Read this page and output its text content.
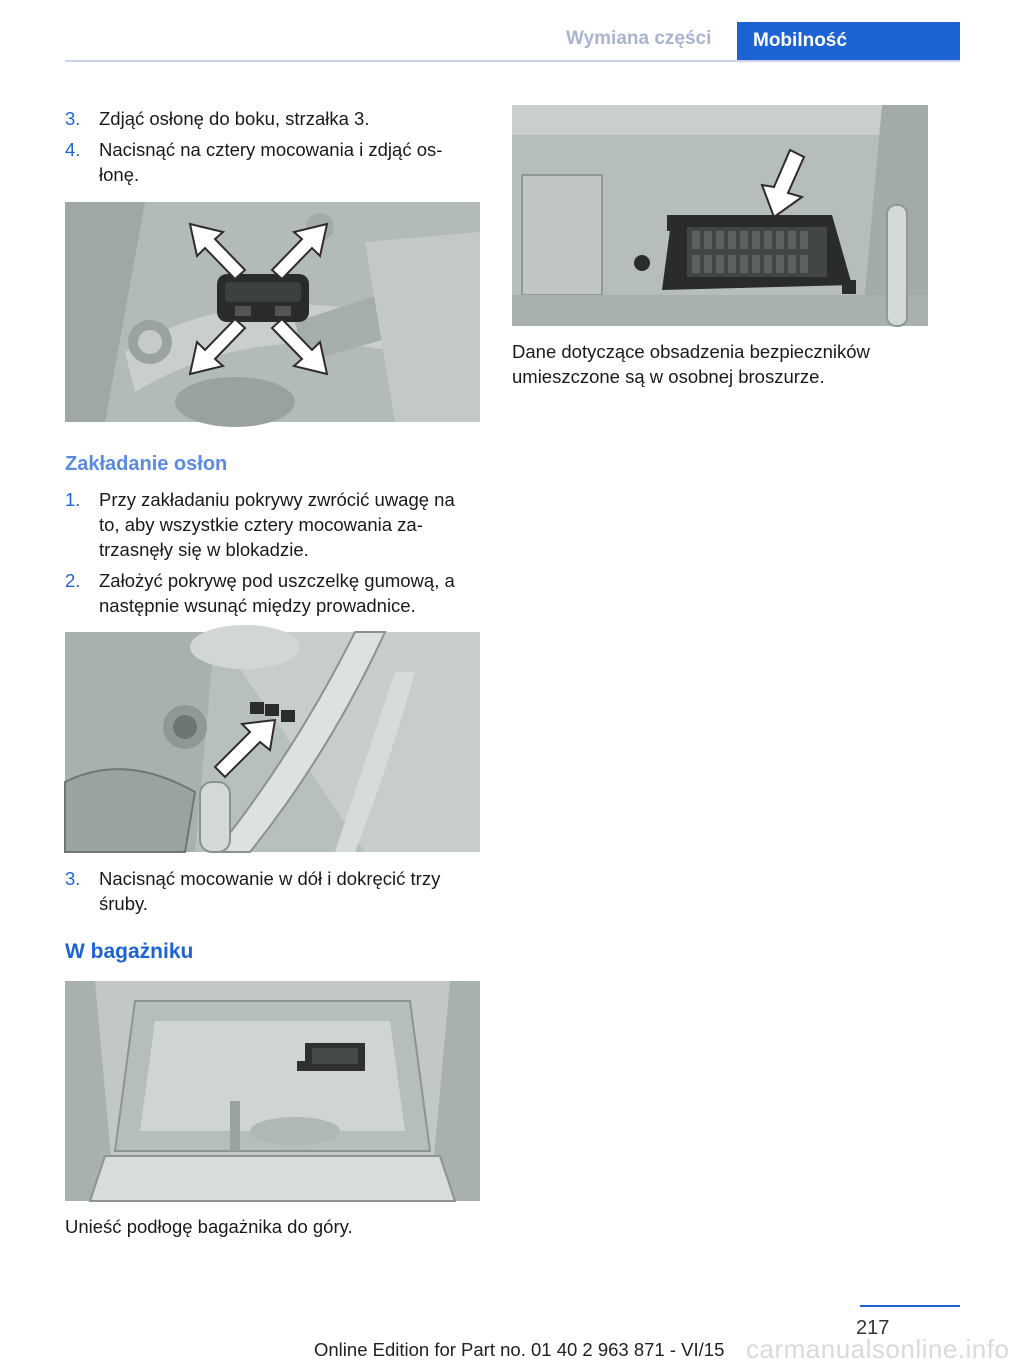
Wymiana części	Mobilność
3. Zdjąć osłonę do boku, strzałka 3.
4. Nacisnąć na cztery mocowania i zdjąć osłonę.
Zakładanie osłon
1. Przy zakładaniu pokrywy zwrócić uwagę na to, aby wszystkie cztery mocowania zatrzasnęły się w blokadzie.
2. Założyć pokrywę pod uszczelkę gumową, a następnie wsunąć między prowadnice.
3. Nacisnąć mocowanie w dół i dokręcić trzy śruby.
W bagażniku
Unieść podłogę bagażnika do góry.
Dane dotyczące obsadzenia bezpieczników umieszczone są w osobnej broszurze.
217
carmanualsonline.info
Online Edition for Part no. 01 40 2 963 871 - VI/15
